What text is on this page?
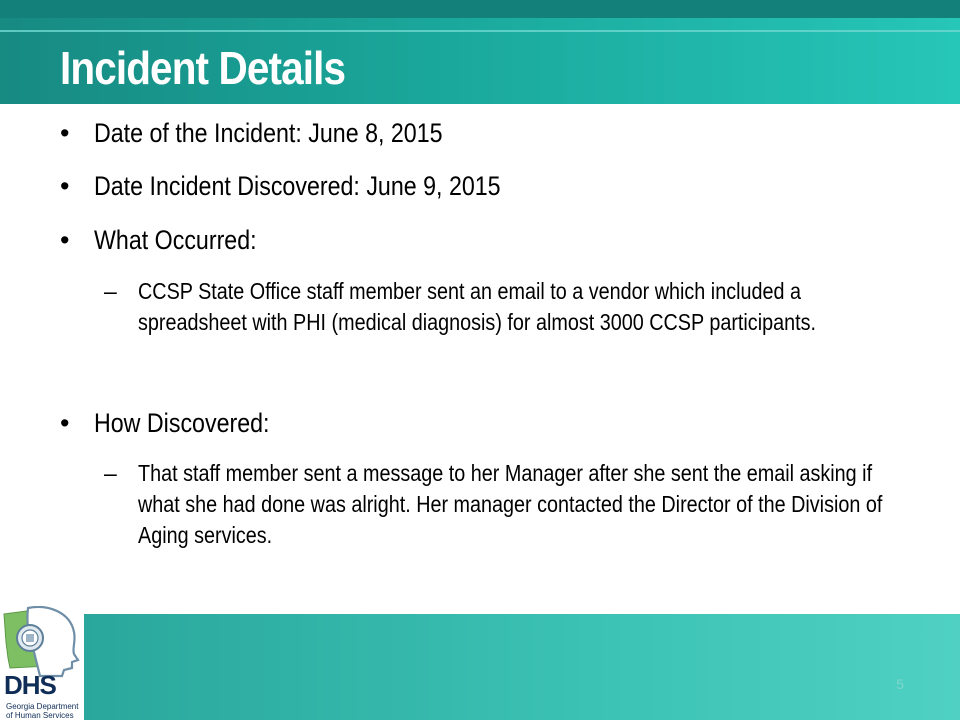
Incident Details
• Date of the Incident: June 8, 2015
• Date Incident Discovered: June 9, 2015
• What Occurred:
– CCSP State Office staff member sent an email to a vendor which included a spreadsheet with PHI (medical diagnosis) for almost 3000 CCSP participants.
• How Discovered:
– That staff member sent a message to her Manager after she sent the email asking if what she had done was alright. Her manager contacted the Director of the Division of Aging services.
5
DHS
Georgia Department
of Human Services
